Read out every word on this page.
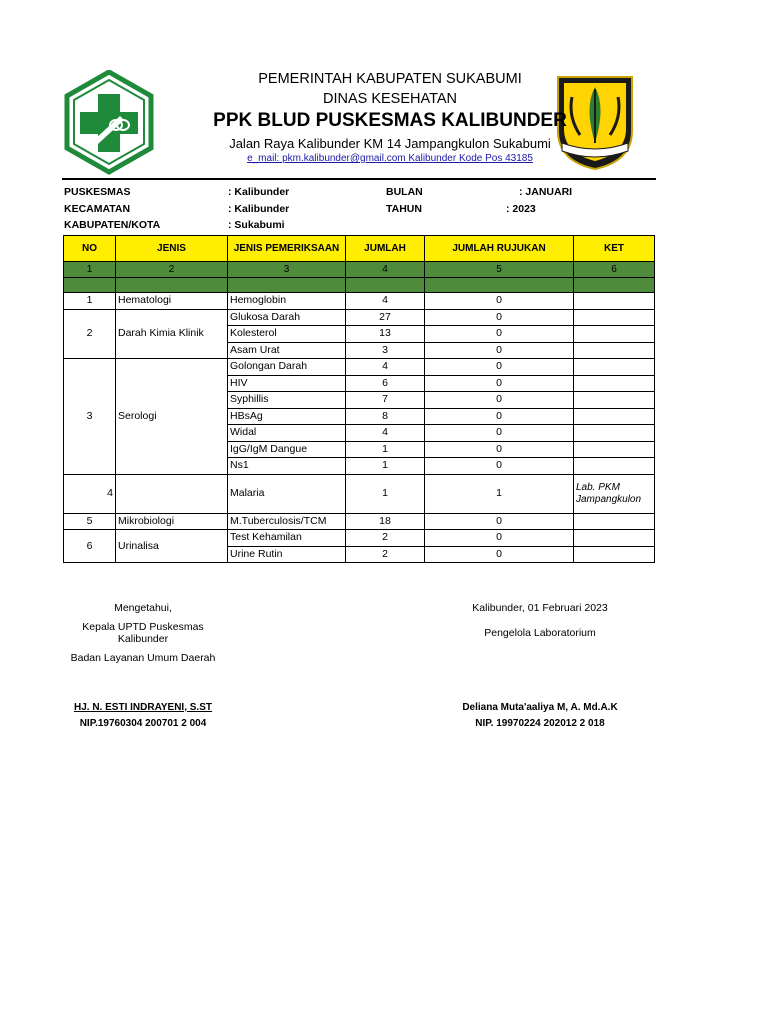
PEMERINTAH KABUPATEN SUKABUMI
DINAS KESEHATAN
PPK BLUD PUSKESMAS KALIBUNDER
Jalan Raya Kalibunder KM 14 Jampangkulon Sukabumi
e_mail: pkm.kalibunder@gmail.com Kalibunder Kode Pos 43185
PUSKESMAS	: Kalibunder
KECAMATAN	: Kalibunder
KABUPATEN/KOTA	: Sukabumi
BULAN	: JANUARI
TAHUN	: 2023
NO	JENIS	JENIS PEMERIKSAAN	JUMLAH	JUMLAH RUJUKAN	KET
1	2	3	4	5	6

1	Hematologi	Hemoglobin	4	0	
2	Darah Kimia Klinik	Glukosa Darah	27	0	
		Kolesterol	13	0	
		Asam Urat	3	0	
3	Serologi	Golongan Darah	4	0	
		HIV	6	0	
		Syphillis	7	0	
		HBsAg	8	0	
		Widal	4	0	
		IgG/IgM Dangue	1	0	
		Ns1	1	0	
4		Malaria	1	1	Lab. PKM Jampangkulon
5	Mikrobiologi	M.Tuberculosis/TCM	18	0	
6	Urinalisa	Test Kehamilan	2	0	
		Urine Rutin	2	0	
Mengetahui,
Kepala UPTD Puskesmas
Kalibunder
Badan Layanan Umum Daerah
HJ. N. ESTI INDRAYENI, S.ST
NIP.19760304 200701 2 004
Kalibunder, 01 Februari 2023
Pengelola Laboratorium
Deliana Muta'aaliya M, A. Md.A.K
NIP. 19970224 202012 2 018
